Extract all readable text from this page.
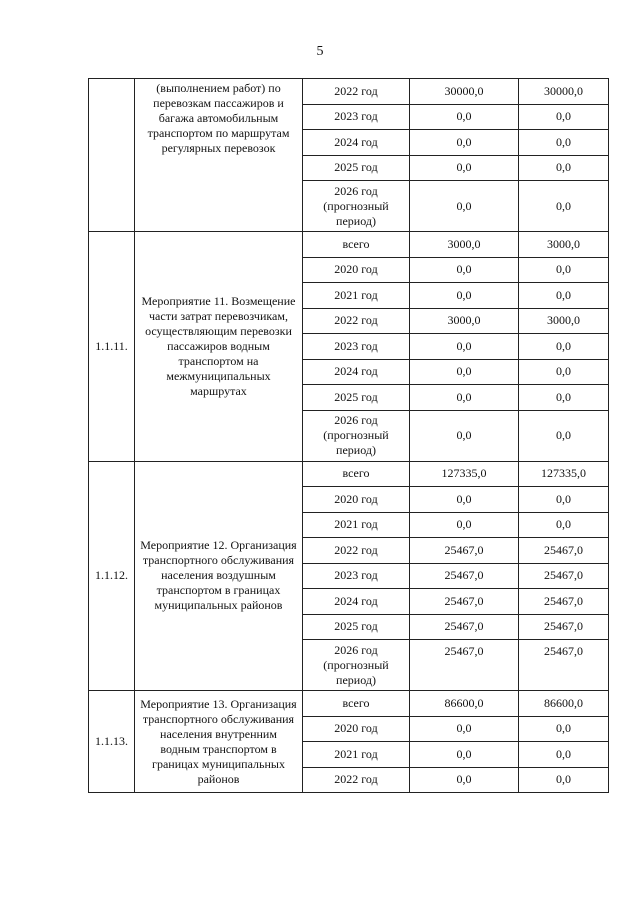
5
	(выполнением работ) по перевозкам пассажиров и багажа автомобильным транспортом по маршрутам регулярных перевозок	2022 год	30000,0	30000,0
		2023 год	0,0	0,0
		2024 год	0,0	0,0
		2025 год	0,0	0,0
		2026 год (прогнозный период)	0,0	0,0
1.1.11.	Мероприятие 11. Возмещение части затрат перевозчикам, осуществляющим перевозки пассажиров водным транспортом на межмуниципальных маршрутах	всего	3000,0	3000,0
		2020 год	0,0	0,0
		2021 год	0,0	0,0
		2022 год	3000,0	3000,0
		2023 год	0,0	0,0
		2024 год	0,0	0,0
		2025 год	0,0	0,0
		2026 год (прогнозный период)	0,0	0,0
1.1.12.	Мероприятие 12. Организация транспортного обслуживания населения воздушным транспортом в границах муниципальных районов	всего	127335,0	127335,0
		2020 год	0,0	0,0
		2021 год	0,0	0,0
		2022 год	25467,0	25467,0
		2023 год	25467,0	25467,0
		2024 год	25467,0	25467,0
		2025 год	25467,0	25467,0
		2026 год (прогнозный период)	25467,0	25467,0
1.1.13.	Мероприятие 13. Организация транспортного обслуживания населения внутренним водным транспортом в границах муниципальных районов	всего	86600,0	86600,0
		2020 год	0,0	0,0
		2021 год	0,0	0,0
		2022 год	0,0	0,0
